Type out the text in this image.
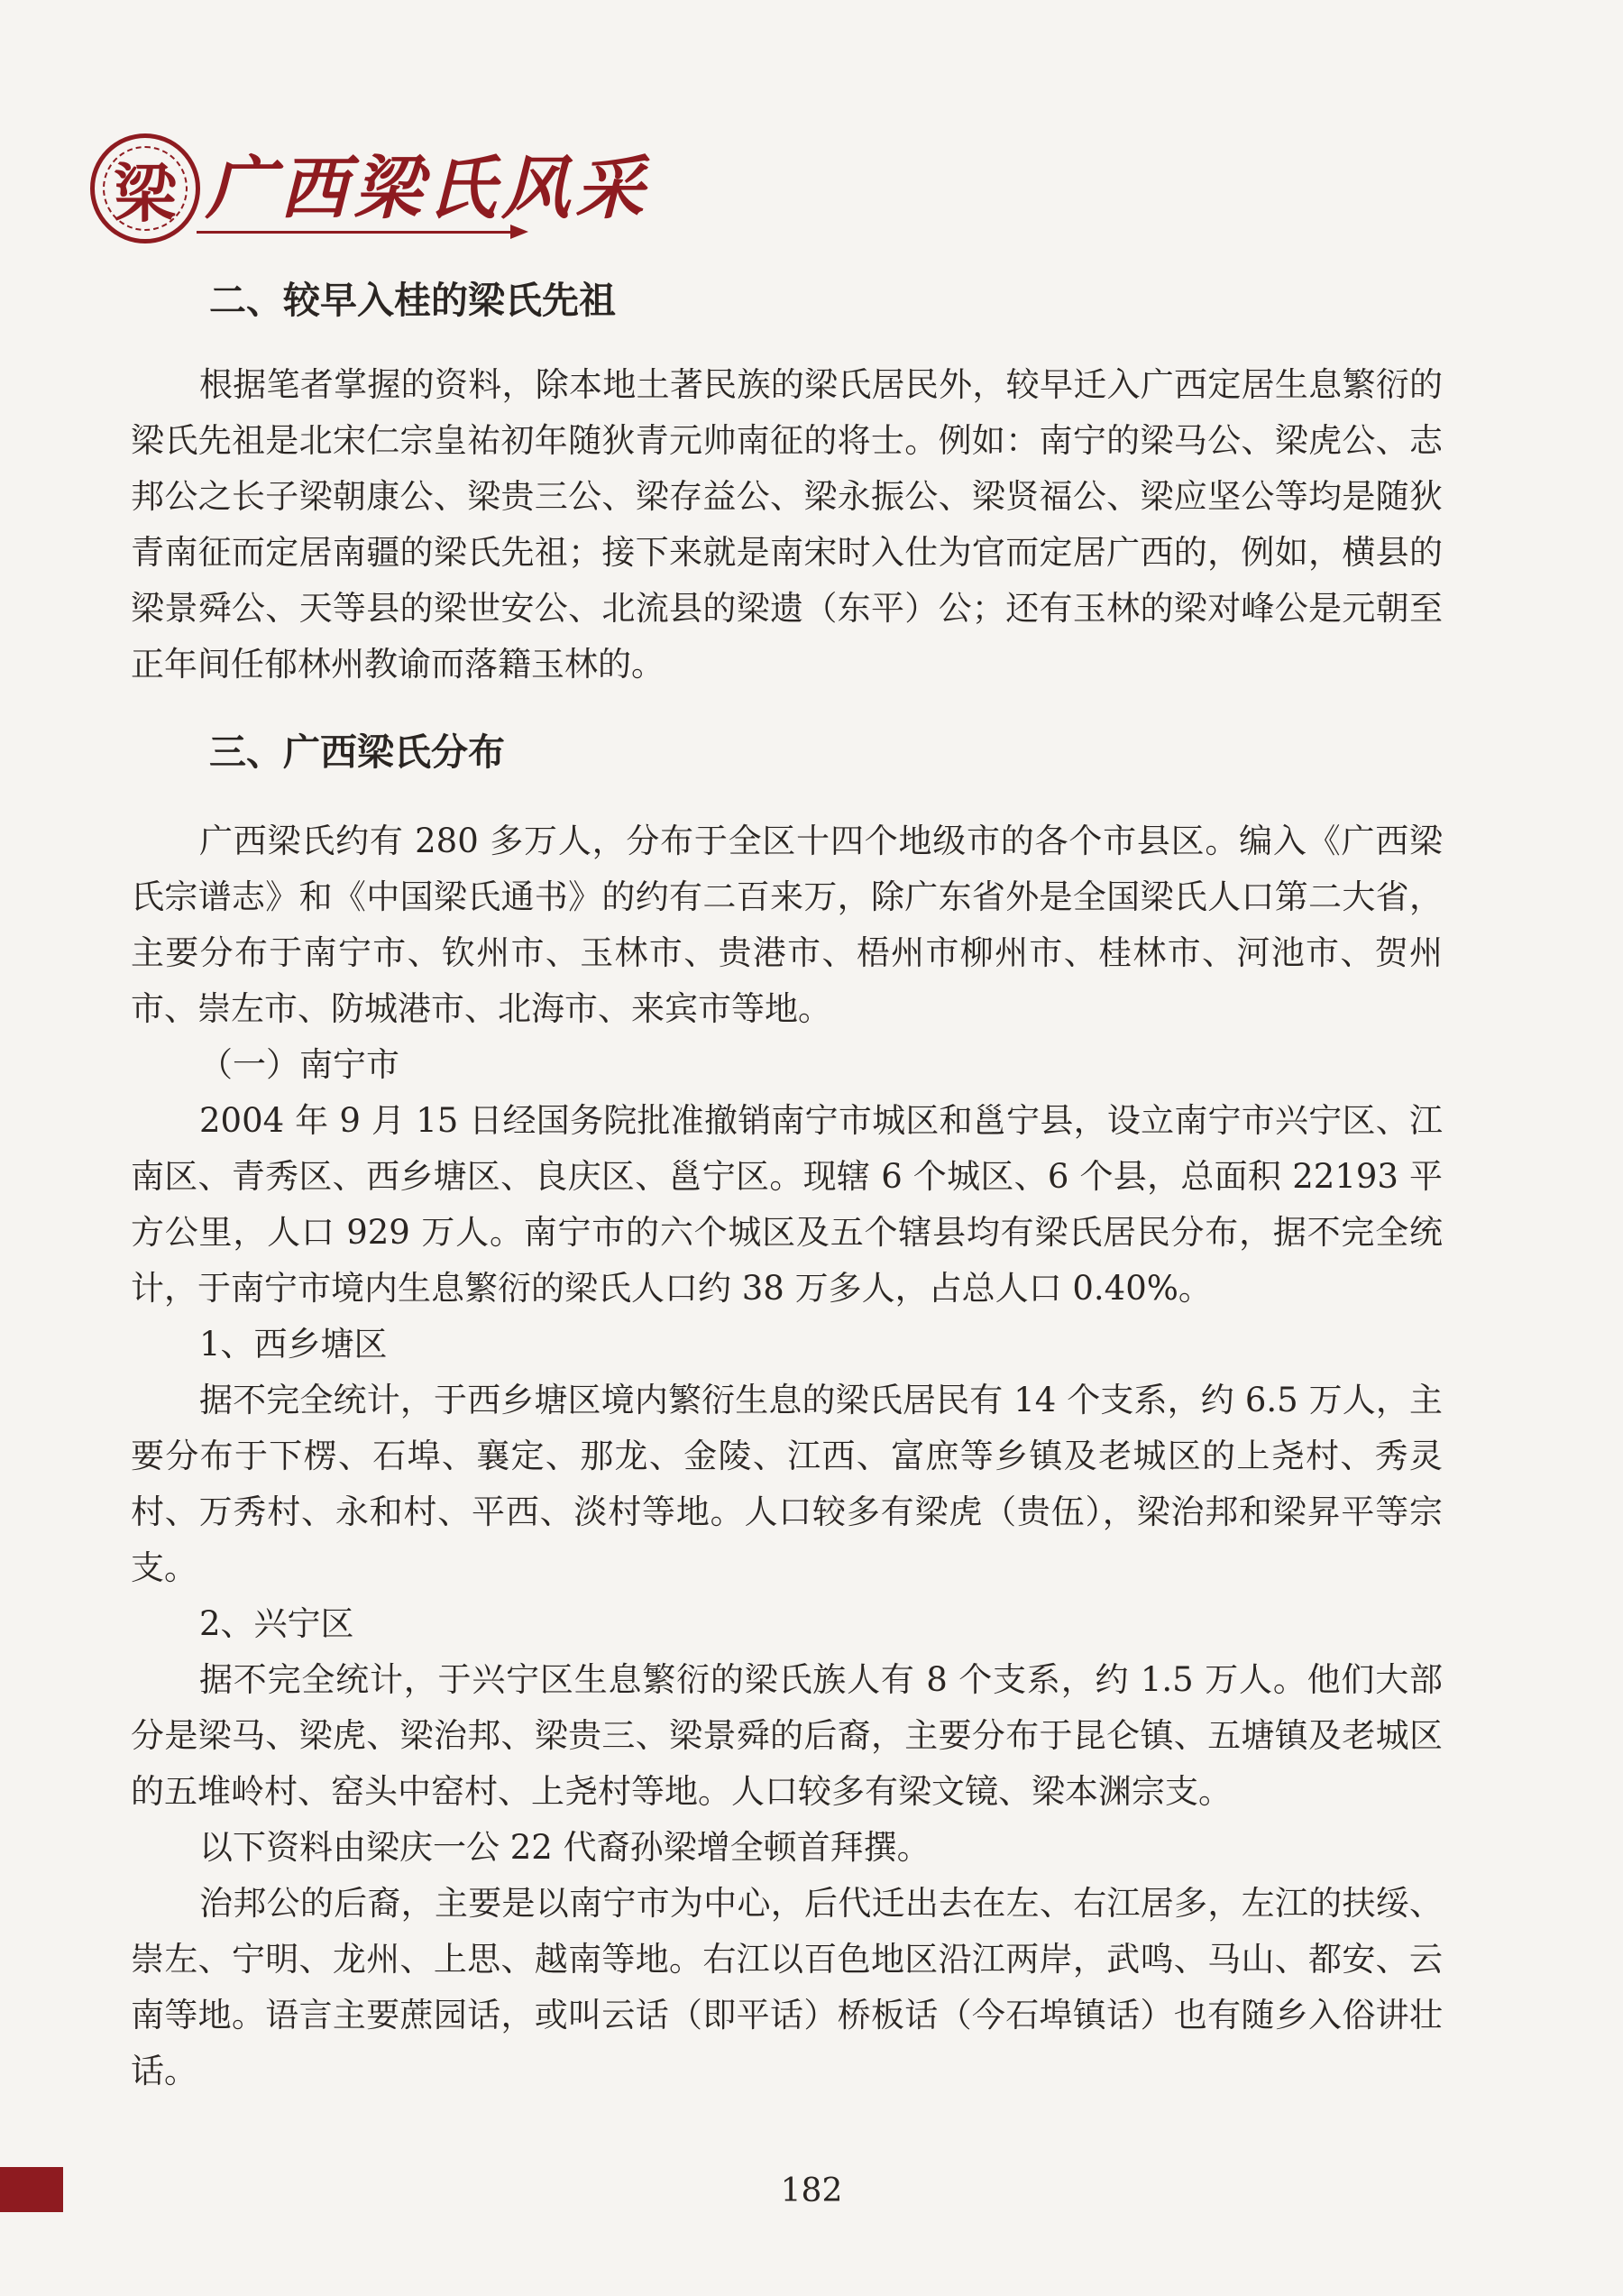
梁 广西梁氏风采
二、较早入桂的梁氏先祖

根据笔者掌握的资料，除本地土著民族的梁氏居民外，较早迁入广西定居生息繁衍的梁氏先祖是北宋仁宗皇祐初年随狄青元帅南征的将士。例如：南宁的梁马公、梁虎公、志邦公之长子梁朝康公、梁贵三公、梁存益公、梁永振公、梁贤福公、梁应坚公等均是随狄青南征而定居南疆的梁氏先祖；接下来就是南宋时入仕为官而定居广西的，例如，横县的梁景舜公、天等县的梁世安公、北流县的梁遗（东平）公；还有玉林的梁对峰公是元朝至正年间任郁林州教谕而落籍玉林的。

三、广西梁氏分布

广西梁氏约有 280 多万人，分布于全区十四个地级市的各个市县区。编入《广西梁氏宗谱志》和《中国梁氏通书》的约有二百来万，除广东省外是全国梁氏人口第二大省，主要分布于南宁市、钦州市、玉林市、贵港市、梧州市柳州市、桂林市、河池市、贺州市、崇左市、防城港市、北海市、来宾市等地。

（一）南宁市

2004 年 9 月 15 日经国务院批准撤销南宁市城区和邕宁县，设立南宁市兴宁区、江南区、青秀区、西乡塘区、良庆区、邕宁区。现辖 6 个城区、6 个县，总面积 22193 平方公里，人口 929 万人。南宁市的六个城区及五个辖县均有梁氏居民分布，据不完全统计，于南宁市境内生息繁衍的梁氏人口约 38 万多人，占总人口 0.40%。

1、西乡塘区

据不完全统计，于西乡塘区境内繁衍生息的梁氏居民有 14 个支系，约 6.5 万人，主要分布于下楞、石埠、襄定、那龙、金陵、江西、富庶等乡镇及老城区的上尧村、秀灵村、万秀村、永和村、平西、淡村等地。人口较多有梁虎（贵伍），梁治邦和梁昇平等宗支。

2、兴宁区

据不完全统计，于兴宁区生息繁衍的梁氏族人有 8 个支系，约 1.5 万人。他们大部分是梁马、梁虎、梁治邦、梁贵三、梁景舜的后裔，主要分布于昆仑镇、五塘镇及老城区的五堆岭村、窑头中窑村、上尧村等地。人口较多有梁文镜、梁本渊宗支。

以下资料由梁庆一公 22 代裔孙梁增全顿首拜撰。

治邦公的后裔，主要是以南宁市为中心，后代迁出去在左、右江居多，左江的扶绥、崇左、宁明、龙州、上思、越南等地。右江以百色地区沿江两岸，武鸣、马山、都安、云南等地。语言主要蔗园话，或叫云话（即平话）桥板话（今石埠镇话）也有随乡入俗讲壮话。

182
